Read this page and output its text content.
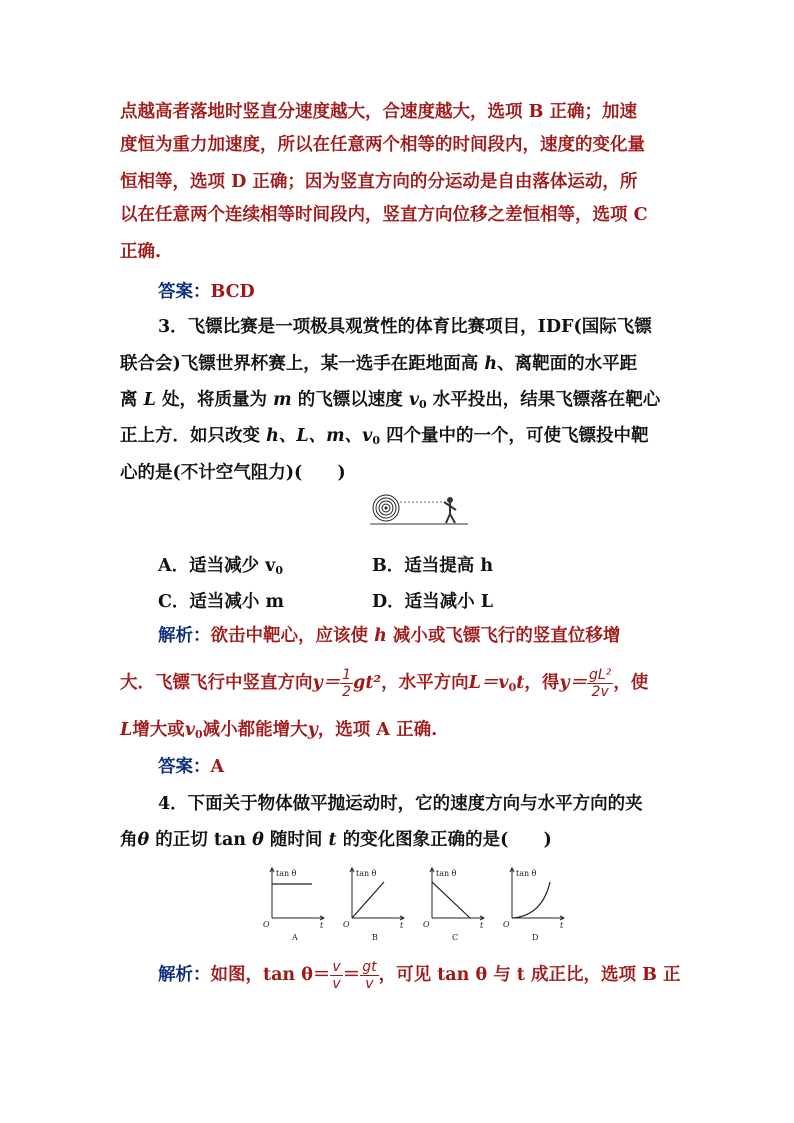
点越高者落地时竖直分速度越大，合速度越大，选项 B 正确；加速
度恒为重力加速度，所以在任意两个相等的时间段内，速度的变化量
恒相等，选项 D 正确；因为竖直方向的分运动是自由落体运动，所
以在任意两个连续相等时间段内，竖直方向位移之差恒相等，选项 C
正确.
答案：BCD
3．飞镖比赛是一项极具观赏性的体育比赛项目，IDF(国际飞镖
联合会)飞镖世界杯赛上，某一选手在距地面高 h、离靶面的水平距
离 L 处，将质量为 m 的飞镖以速度 $v_0$ 水平投出，结果飞镖落在靶心
正上方．如只改变 h、L、m、$v_0$ 四个量中的一个，可使飞镖投中靶
心的是(不计空气阻力)(　　)
A．适当减少 $v_0$	B．适当提高 h
C．适当减小 m	D．适当减小 L
解析：欲击中靶心，应该使 h 减小或飞镖飞行的竖直位移增
大．飞镖飞行中竖直方向$y= \frac{1}{2} gt^2$，水平方向$L=v_0t$，得$y= \frac{\text{gL²}}{2v}$ ，使
L增大或$v_0$减小都能增大y，选项 A 正确.
答案：A
4．下面关于物体做平抛运动时，它的速度方向与水平方向的夹
角θ 的正切 tan θ 随时间 t 的变化图象正确的是(　　)
tan θ
t
O
A
tan θ
t
O
B
tan θ
t
O
C
tan θ
t
O
D
解析：如图，$\tan \theta= \frac{v}{v} = \frac{gt}{v}$ ，可见 tan θ 与 t 成正比，选项 B 正
